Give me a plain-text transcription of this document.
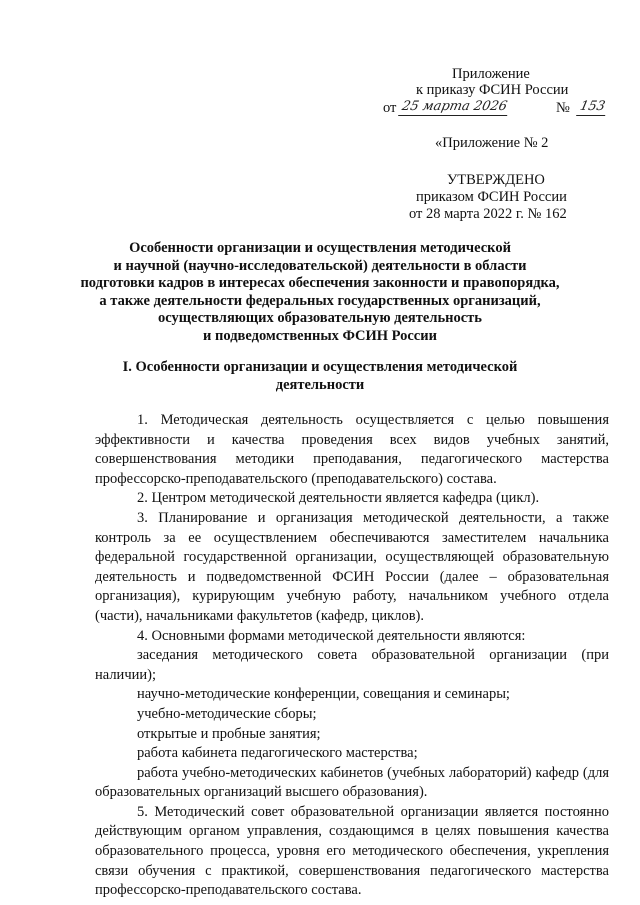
Приложение
к приказу ФСИН России
от 25 марта 2026	№ 153
«Приложение № 2
УТВЕРЖДЕНО
приказом ФСИН России
от 28 марта 2022 г. № 162
Особенности организации и осуществления методической
и научной (научно-исследовательской) деятельности в области
подготовки кадров в интересах обеспечения законности и правопорядка,
а также деятельности федеральных государственных организаций,
осуществляющих образовательную деятельность
и подведомственных ФСИН России
I. Особенности организации и осуществления методической
деятельности

1. Методическая деятельность осуществляется с целью повышения эффективности и качества проведения всех видов учебных занятий, совершенствования методики преподавания, педагогического мастерства профессорско-преподавательского (преподавательского) состава.

2. Центром методической деятельности является кафедра (цикл).

3. Планирование и организация методической деятельности, а также контроль за ее осуществлением обеспечиваются заместителем начальника федеральной государственной организации, осуществляющей образовательную деятельность и подведомственной ФСИН России (далее – образовательная организация), курирующим учебную работу, начальником учебного отдела (части), начальниками факультетов (кафедр, циклов).

4. Основными формами методической деятельности являются:

заседания методического совета образовательной организации (при наличии);

научно-методические конференции, совещания и семинары;

учебно-методические сборы;

открытые и пробные занятия;

работа кабинета педагогического мастерства;

работа учебно-методических кабинетов (учебных лабораторий) кафедр (для образовательных организаций высшего образования).

5. Методический совет образовательной организации является постоянно действующим органом управления, создающимся в целях повышения качества образовательного процесса, уровня его методического обеспечения, укрепления связи обучения с практикой, совершенствования педагогического мастерства профессорско-преподавательского состава.
